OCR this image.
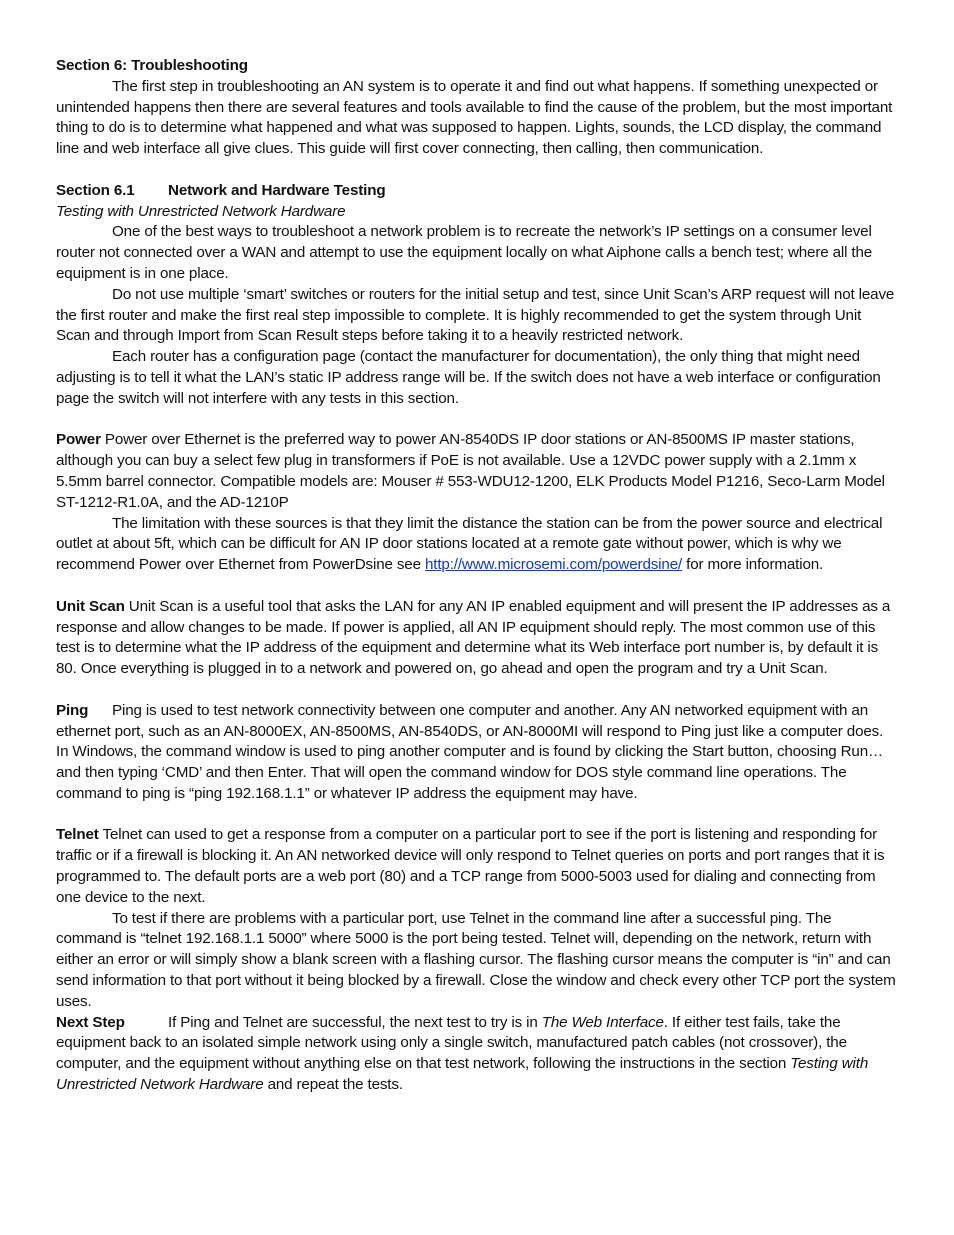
Section 6: Troubleshooting

The first step in troubleshooting an AN system is to operate it and find out what happens. If something unexpected or unintended happens then there are several features and tools available to find the cause of the problem, but the most important thing to do is to determine what happened and what was supposed to happen. Lights, sounds, the LCD display, the command line and web interface all give clues. This guide will first cover connecting, then calling, then communication.

Section 6.1 Network and Hardware Testing

Testing with Unrestricted Network Hardware

One of the best ways to troubleshoot a network problem is to recreate the network’s IP settings on a consumer level router not connected over a WAN and attempt to use the equipment locally on what Aiphone calls a bench test; where all the equipment is in one place.

Do not use multiple ‘smart’ switches or routers for the initial setup and test, since Unit Scan’s ARP request will not leave the first router and make the first real step impossible to complete. It is highly recommended to get the system through Unit Scan and through Import from Scan Result steps before taking it to a heavily restricted network.

Each router has a configuration page (contact the manufacturer for documentation), the only thing that might need adjusting is to tell it what the LAN’s static IP address range will be. If the switch does not have a web interface or configuration page the switch will not interfere with any tests in this section.

Power Power over Ethernet is the preferred way to power AN-8540DS IP door stations or AN-8500MS IP master stations, although you can buy a select few plug in transformers if PoE is not available. Use a 12VDC power supply with a 2.1mm x 5.5mm barrel connector. Compatible models are: Mouser # 553-WDU12-1200, ELK Products Model P1216, Seco-Larm Model ST-1212-R1.0A, and the AD-1210P

The limitation with these sources is that they limit the distance the station can be from the power source and electrical outlet at about 5ft, which can be difficult for AN IP door stations located at a remote gate without power, which is why we recommend Power over Ethernet from PowerDsine see http://www.microsemi.com/powerdsine/ for more information.

Unit Scan Unit Scan is a useful tool that asks the LAN for any AN IP enabled equipment and will present the IP addresses as a response and allow changes to be made. If power is applied, all AN IP equipment should reply. The most common use of this test is to determine what the IP address of the equipment and determine what its Web interface port number is, by default it is 80. Once everything is plugged in to a network and powered on, go ahead and open the program and try a Unit Scan.

Ping Ping is used to test network connectivity between one computer and another. Any AN networked equipment with an ethernet port, such as an AN-8000EX, AN-8500MS, AN-8540DS, or AN-8000MI will respond to Ping just like a computer does. In Windows, the command window is used to ping another computer and is found by clicking the Start button, choosing Run… and then typing ‘CMD’ and then Enter. That will open the command window for DOS style command line operations. The command to ping is “ping 192.168.1.1” or whatever IP address the equipment may have.

Telnet Telnet can used to get a response from a computer on a particular port to see if the port is listening and responding for traffic or if a firewall is blocking it. An AN networked device will only respond to Telnet queries on ports and port ranges that it is programmed to. The default ports are a web port (80) and a TCP range from 5000-5003 used for dialing and connecting from one device to the next.

To test if there are problems with a particular port, use Telnet in the command line after a successful ping. The command is “telnet 192.168.1.1 5000” where 5000 is the port being tested. Telnet will, depending on the network, return with either an error or will simply show a blank screen with a flashing cursor. The flashing cursor means the computer is “in” and can send information to that port without it being blocked by a firewall. Close the window and check every other TCP port the system uses.

Next Step	If Ping and Telnet are successful, the next test to try is in The Web Interface. If either test fails, take the equipment back to an isolated simple network using only a single switch, manufactured patch cables (not crossover), the computer, and the equipment without anything else on that test network, following the instructions in the section Testing with Unrestricted Network Hardware and repeat the tests.
